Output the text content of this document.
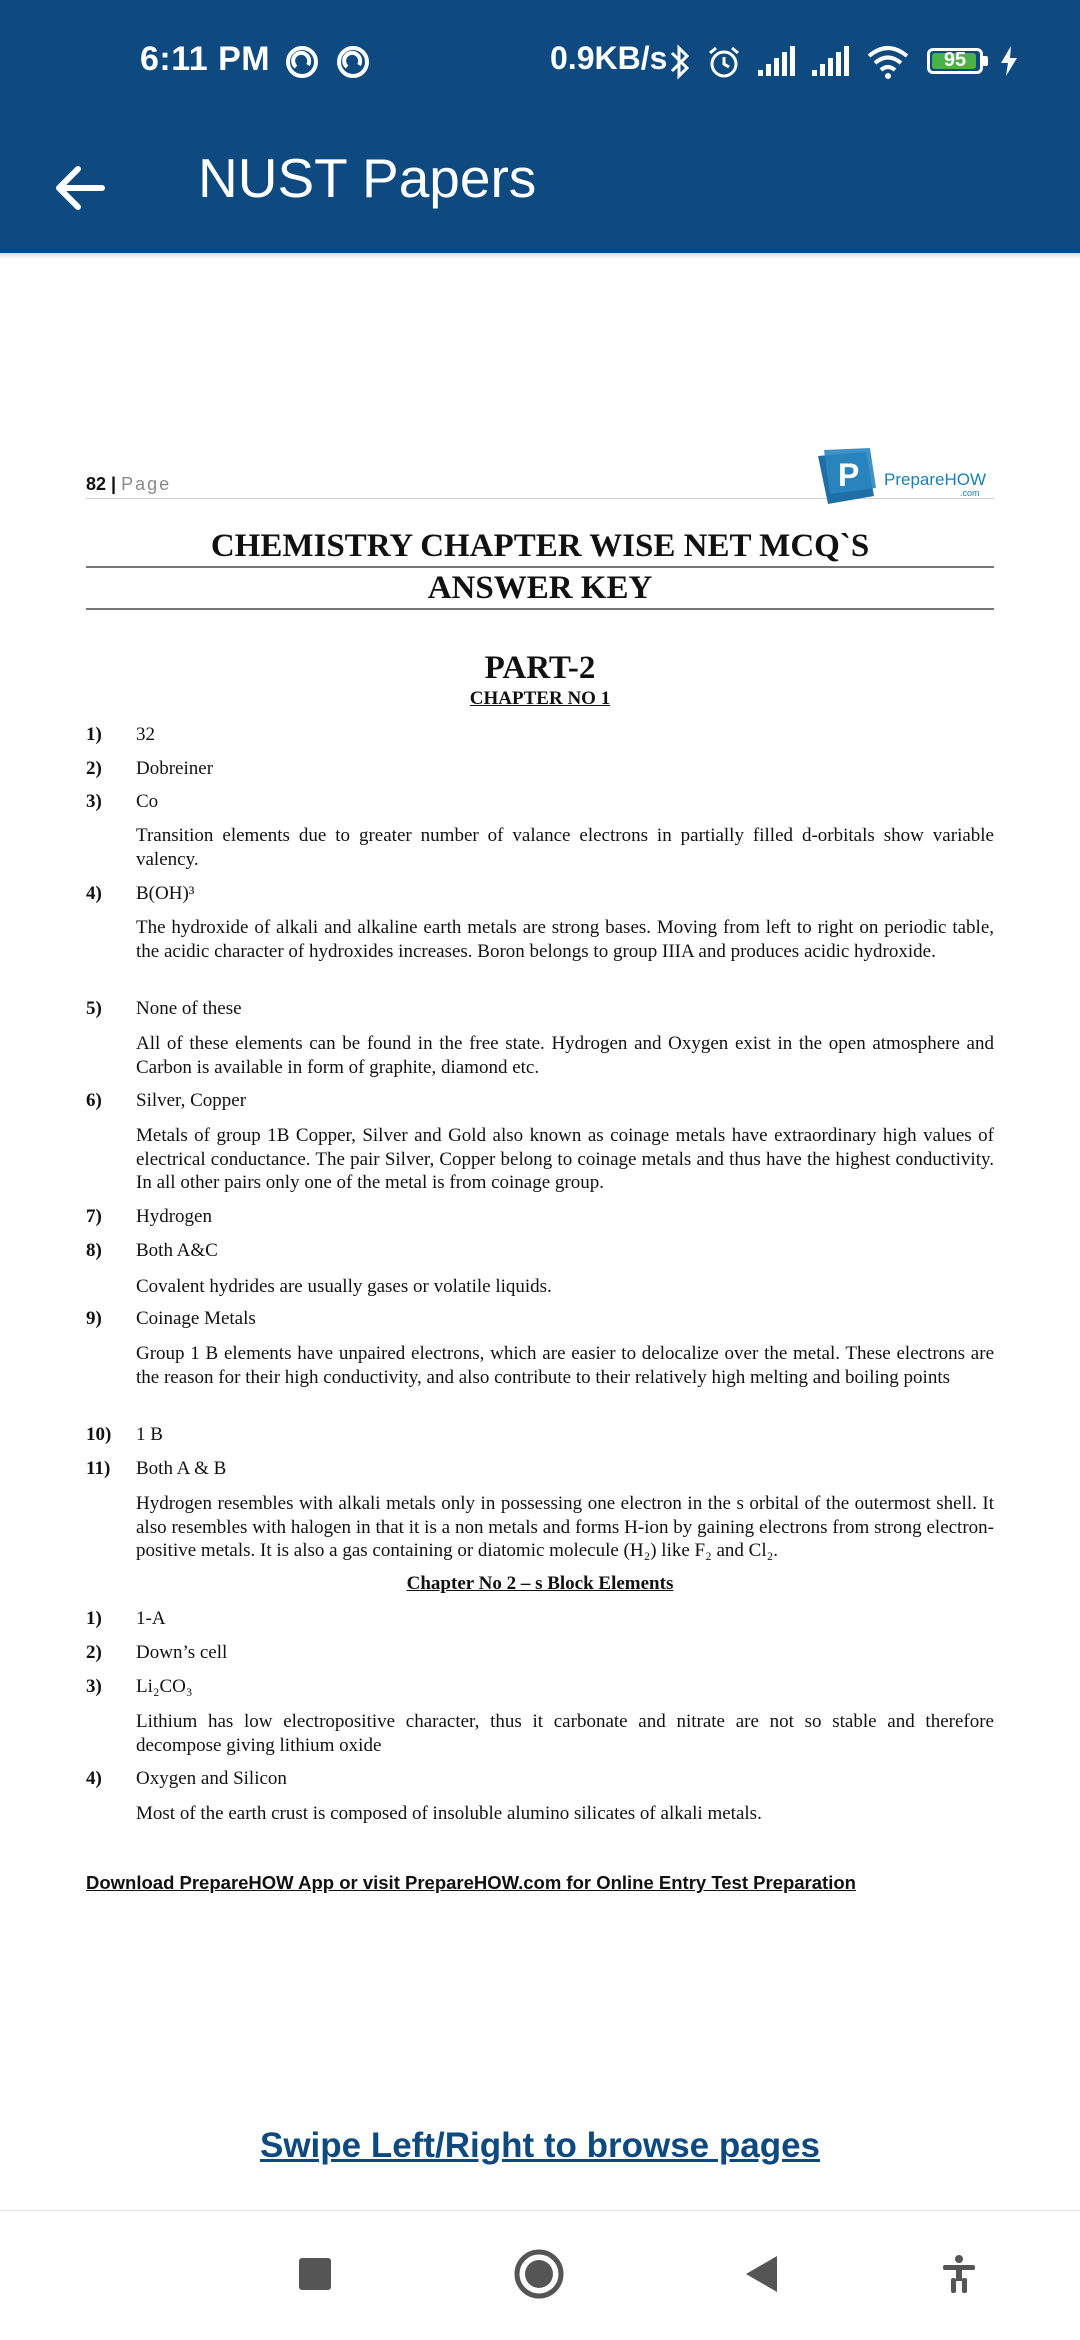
6:11 PM	0.9KB/s	95
NUST Papers
82 | Page	P PrepareHOW
.com
CHEMISTRY CHAPTER WISE NET MCQ`S
ANSWER KEY
PART-2
CHAPTER NO 1
1) 32
2) Dobreiner
3) Co
Transition elements due to greater number of valance electrons in partially filled d-orbitals show variable valency.
4) B(OH)³
The hydroxide of alkali and alkaline earth metals are strong bases. Moving from left to right on periodic table, the acidic character of hydroxides increases. Boron belongs to group IIIA and produces acidic hydroxide.
5) None of these
All of these elements can be found in the free state. Hydrogen and Oxygen exist in the open atmosphere and Carbon is available in form of graphite, diamond etc.
6) Silver, Copper
Metals of group 1B Copper, Silver and Gold also known as coinage metals have extraordinary high values of electrical conductance. The pair Silver, Copper belong to coinage metals and thus have the highest conductivity. In all other pairs only one of the metal is from coinage group.
7) Hydrogen
8) Both A&C
Covalent hydrides are usually gases or volatile liquids.
9) Coinage Metals
Group 1 B elements have unpaired electrons, which are easier to delocalize over the metal. These electrons are the reason for their high conductivity, and also contribute to their relatively high melting and boiling points
10) 1 B
11) Both A & B
Hydrogen resembles with alkali metals only in possessing one electron in the s orbital of the outermost shell. It also resembles with halogen in that it is a non metals and forms H-ion by gaining electrons from strong electron-positive metals. It is also a gas containing or diatomic molecule (H₂) like F₂ and Cl₂.
Chapter No 2 – s Block Elements
1) 1-A
2) Down’s cell
3) Li₂CO₃
Lithium has low electropositive character, thus it carbonate and nitrate are not so stable and therefore decompose giving lithium oxide
4) Oxygen and Silicon
Most of the earth crust is composed of insoluble alumino silicates of alkali metals.
Download PrepareHOW App or visit PrepareHOW.com for Online Entry Test Preparation
Swipe Left/Right to browse pages
